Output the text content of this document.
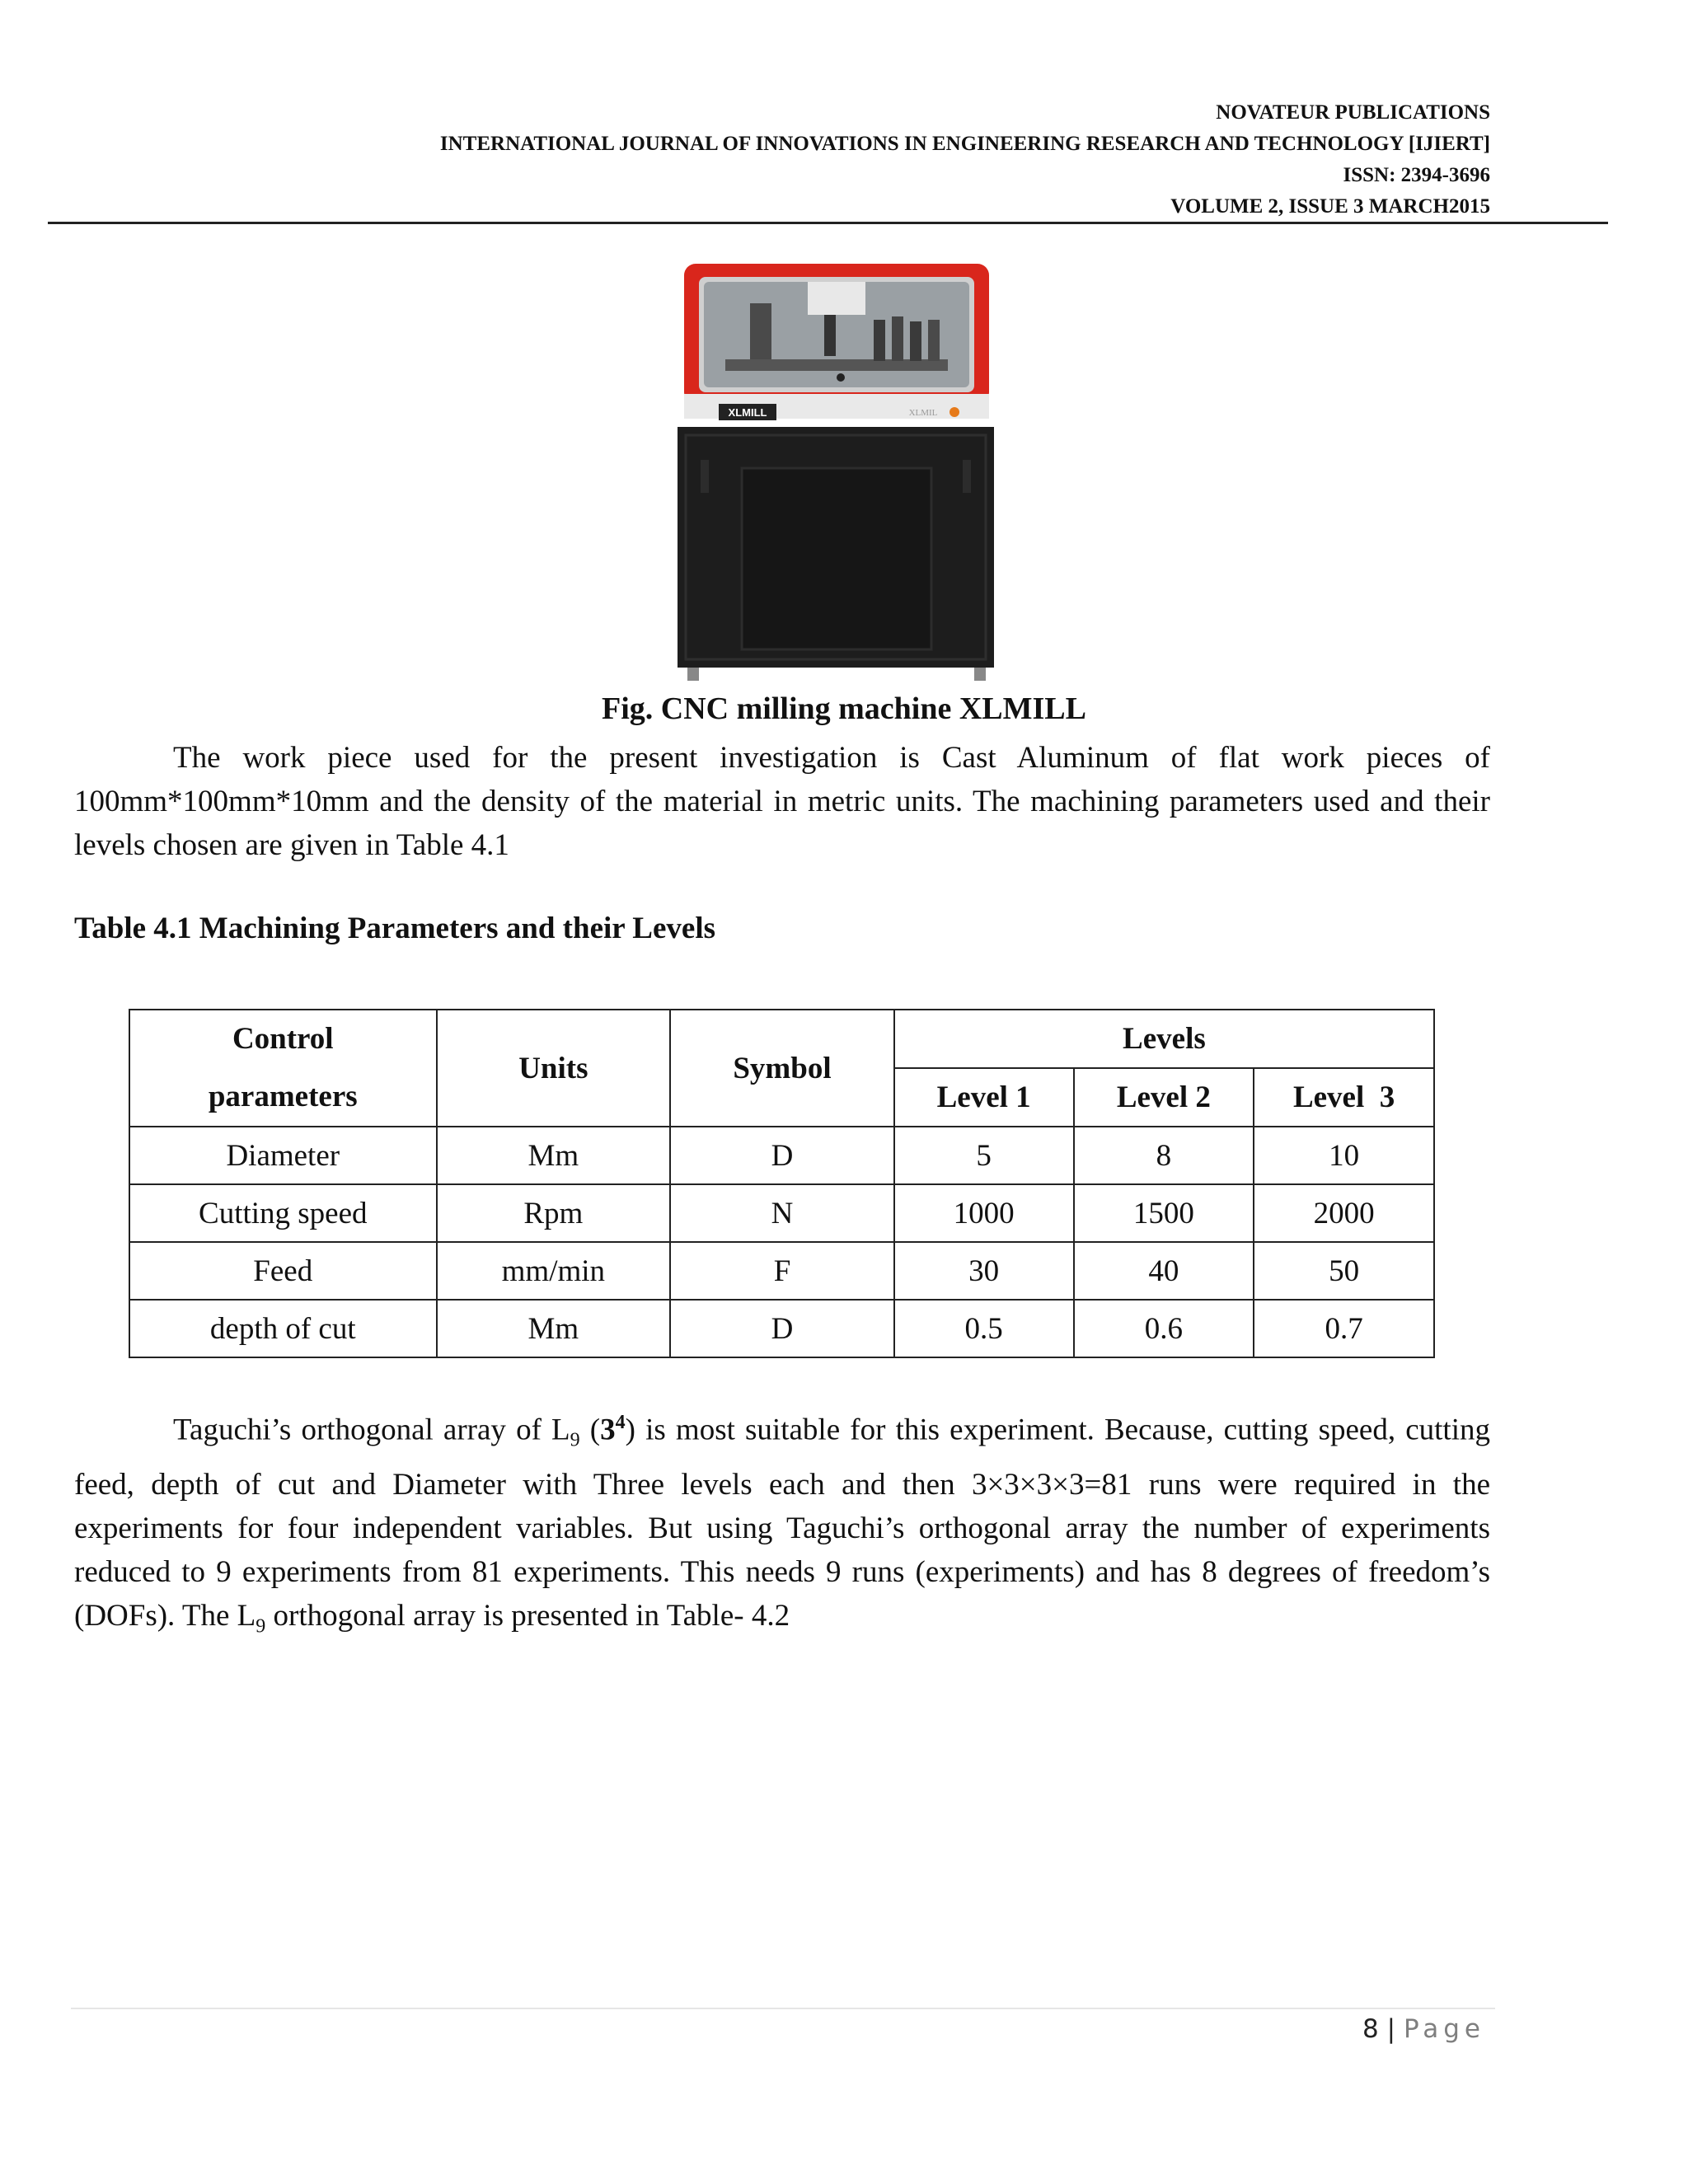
NOVATEUR PUBLICATIONS
INTERNATIONAL JOURNAL OF INNOVATIONS IN ENGINEERING RESEARCH AND TECHNOLOGY [IJIERT]
ISSN: 2394-3696
VOLUME 2, ISSUE 3 MARCH2015
XLMILL	XLMIL
Fig. CNC milling machine XLMILL
The work piece used for the present investigation is Cast Aluminum of flat work pieces of 100mm*100mm*10mm and the density of the material in metric units. The machining parameters used and their levels chosen are given in Table 4.1
Table 4.1 Machining Parameters and their Levels
Control
parameters	Units	Symbol	Levels		
			Level 1	Level 2	Level  3
Diameter	Mm	D	5	8	10
Cutting speed	Rpm	N	1000	1500	2000
Feed	mm/min	F	30	40	50
depth of cut	Mm	D	0.5	0.6	0.7
Taguchi’s orthogonal array of $L_9$ $(3^4)$ is most suitable for this experiment. Because, cutting speed, cutting feed, depth of cut and Diameter with Three levels each and then 3×3×3×3=81 runs were required in the experiments for four independent variables. But using Taguchi’s orthogonal array the number of experiments reduced to 9 experiments from 81 experiments. This needs 9 runs (experiments) and has 8 degrees of freedom’s (DOFs). The $L_9$ orthogonal array is presented in Table- 4.2
8 | Page
